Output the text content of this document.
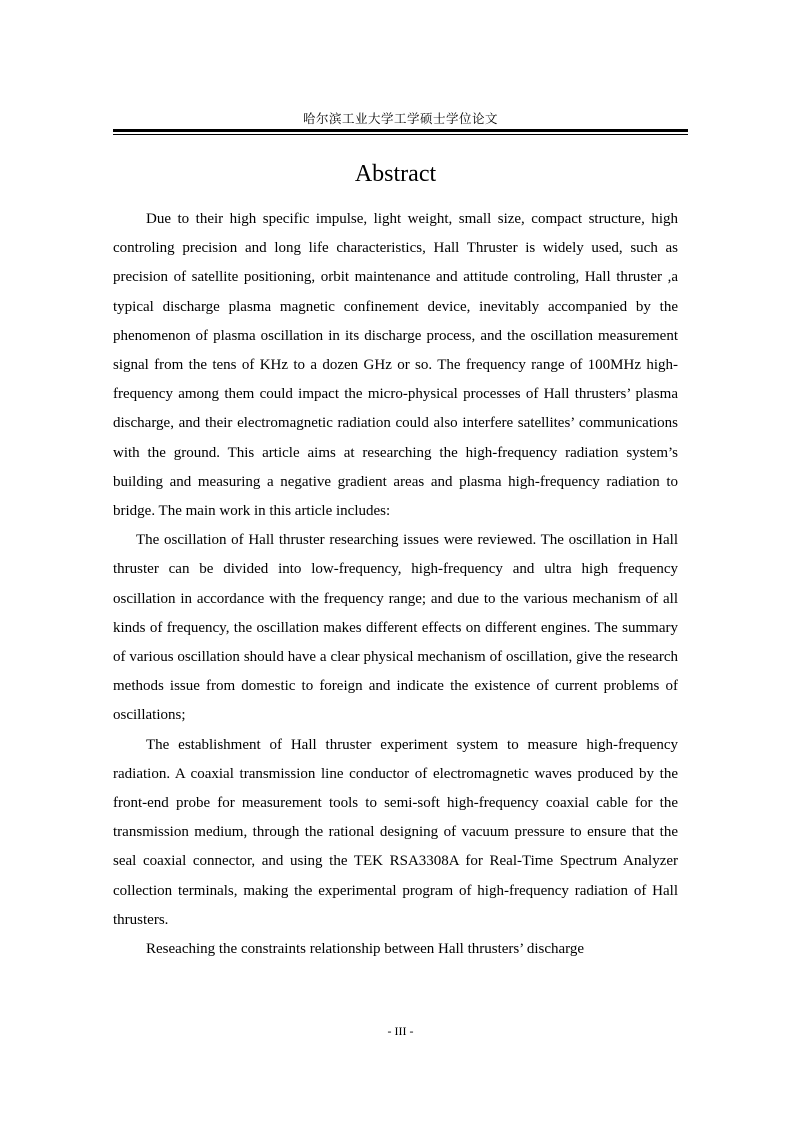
哈尔滨工业大学工学硕士学位论文
Abstract

Due to their high specific impulse, light weight, small size, compact structure, high controling precision and long life characteristics, Hall Thruster is widely used, such as precision of satellite positioning, orbit maintenance and attitude controling, Hall thruster ,a typical discharge plasma magnetic confinement device, inevitably accompanied by the phenomenon of plasma oscillation in its discharge process, and the oscillation measurement signal from the tens of KHz to a dozen GHz or so. The frequency range of 100MHz high-frequency among them could impact the micro-physical processes of Hall thrusters’ plasma discharge, and their electromagnetic radiation could also interfere satellites’ communications with the ground. This article aims at researching the high-frequency radiation system’s building and measuring a negative gradient areas and plasma high-frequency radiation to bridge. The main work in this article includes:

The oscillation of Hall thruster researching issues were reviewed. The oscillation in Hall thruster can be divided into low-frequency, high-frequency and ultra high frequency oscillation in accordance with the frequency range; and due to the various mechanism of all kinds of frequency, the oscillation makes different effects on different engines. The summary of various oscillation should have a clear physical mechanism of oscillation, give the research methods issue from domestic to foreign and indicate the existence of current problems of oscillations;

The establishment of Hall thruster experiment system to measure high-frequency radiation. A coaxial transmission line conductor of electromagnetic waves produced by the front-end probe for measurement tools to semi-soft high-frequency coaxial cable for the transmission medium, through the rational designing of vacuum pressure to ensure that the seal coaxial connector, and using the TEK RSA3308A for Real-Time Spectrum Analyzer collection terminals, making the experimental program of high-frequency radiation of Hall thrusters.

Reseaching the constraints relationship between Hall thrusters’ discharge

- III -
